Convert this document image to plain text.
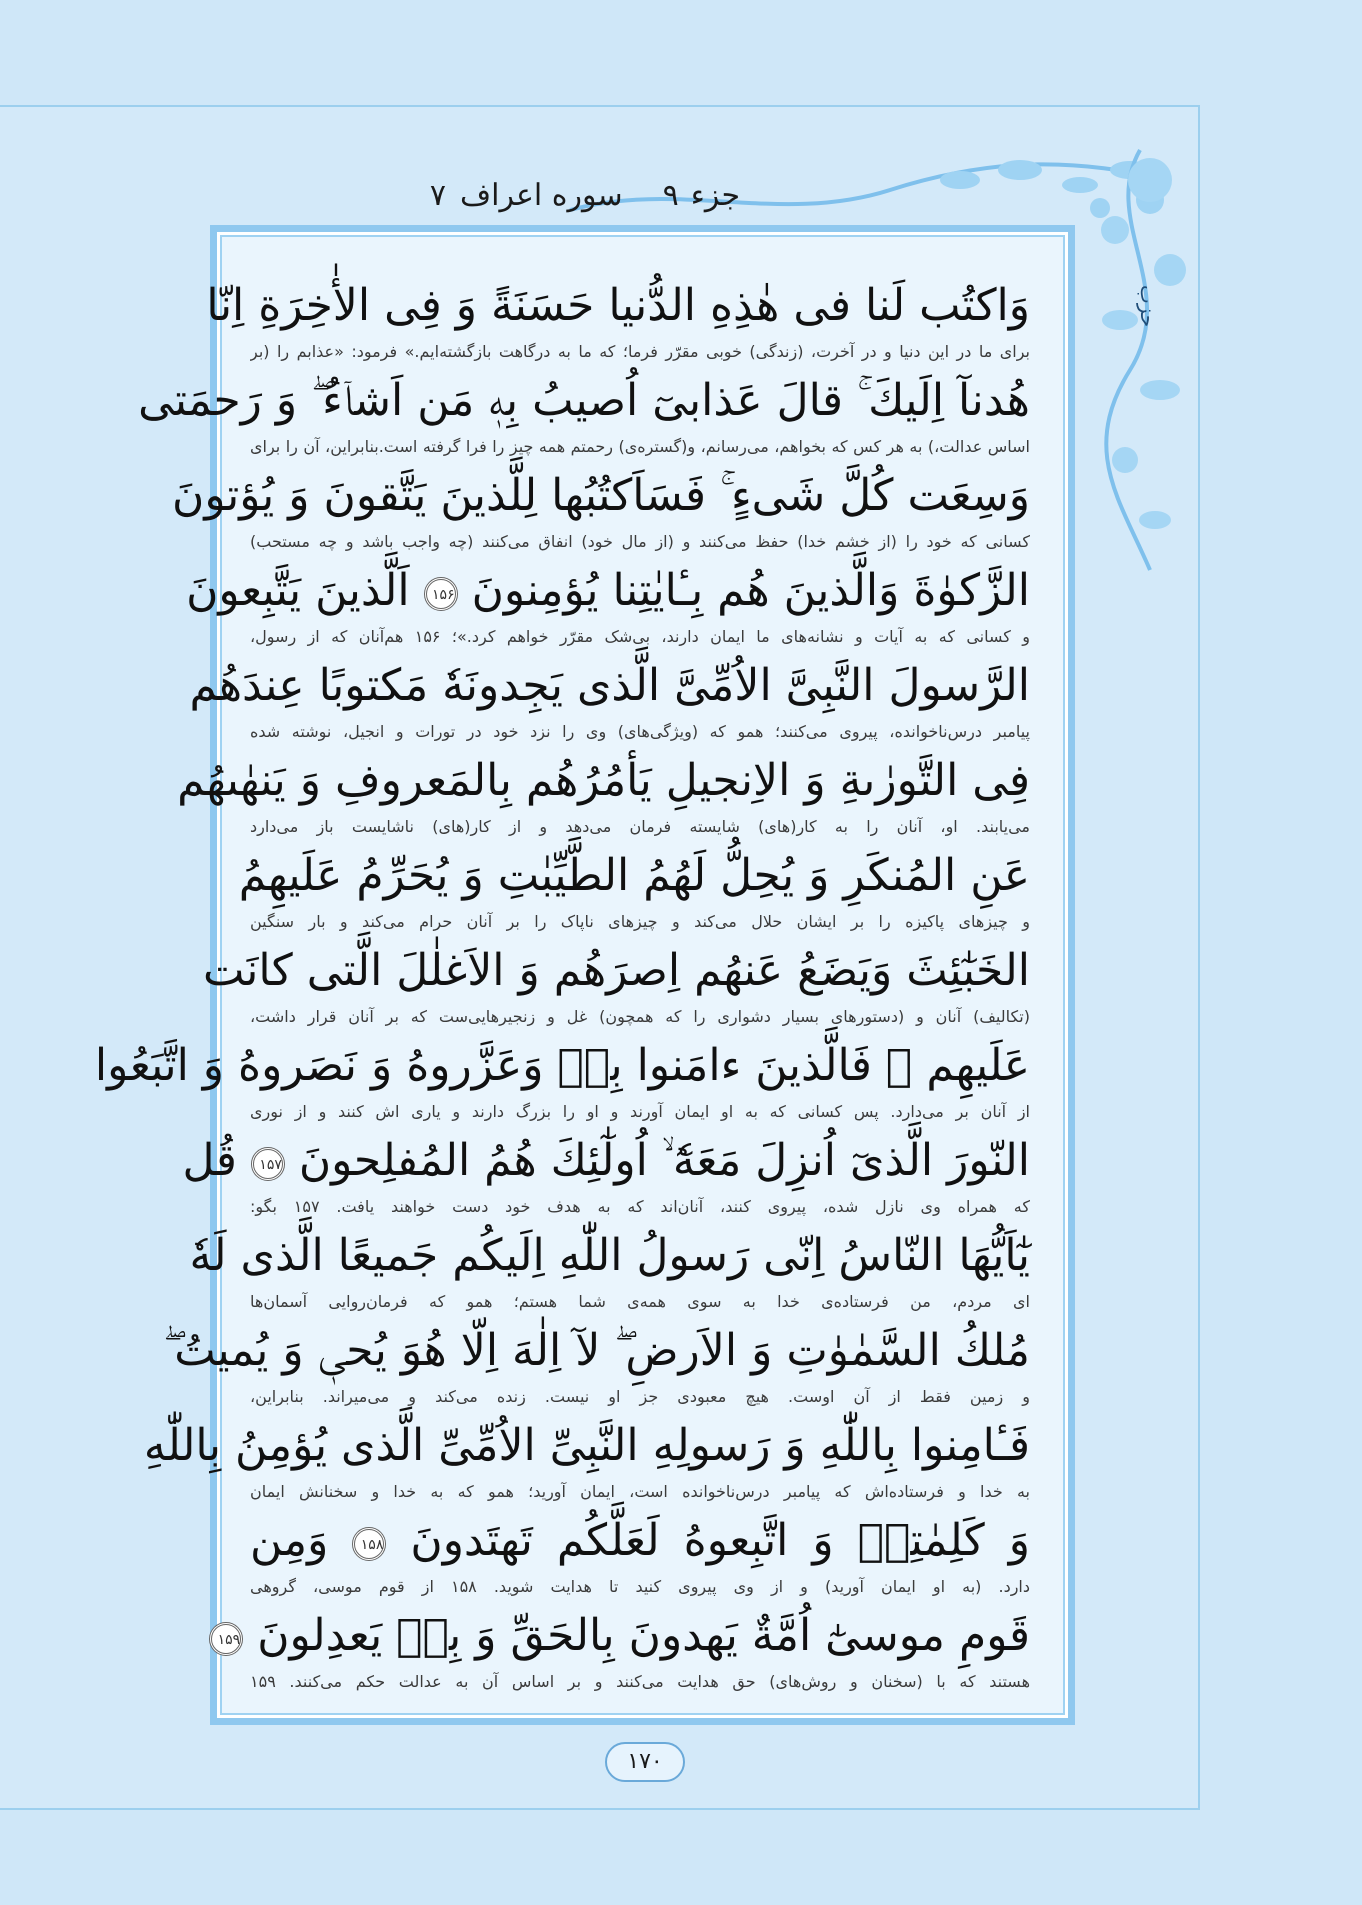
جزء
۹
سوره اعراف
۷
حزب
وَاكتُب لَنا فى هٰذِهِ الدُّنيا حَسَنَةً وَ فِى الأٰخِرَةِ اِنّا
برای ما در این دنیا و در آخرت، (زندگی) خوبی مقرّر فرما؛ که ما به درگاهت بازگشته‌ایم.» فرمود: «عذابم را (بر
هُدنآ اِلَيكَ ۚ قالَ عَذابىٓ اُصيبُ بِهٖ مَن اَشاۤءُ ۖ وَ رَحمَتى
اساس عدالت،) به هر کس که بخواهم، می‌رسانم، و(گستره‌ی) رحمتم همه چیز را فرا گرفته است.بنابراین، آن را برای
وَسِعَت كُلَّ شَىءٍ ۚ فَسَاَكتُبُها لِلَّذينَ يَتَّقونَ وَ يُؤتونَ
کسانی که خود را (از خشم خدا) حفظ می‌کنند و (از مال خود) انفاق می‌کنند (چه واجب باشد و چه مستحب)
الزَّكوٰةَ وَالَّذينَ هُم بِـٔايٰتِنا يُؤمِنونَ ۱۵۶ اَلَّذينَ يَتَّبِعونَ
و کسانی که به آیات و نشانه‌های ما ایمان دارند، بی‌شک مقرّر خواهم کرد.»؛ ۱۵۶ هم‌آنان که از رسول،
الرَّسولَ النَّبِىَّ الاُمِّىَّ الَّذى يَجِدونَهٗ مَكتوبًا عِندَهُم
پیامبر درس‌ناخوانده، پیروی می‌کنند؛ همو که (ویژگی‌های) وی را نزد خود در تورات و انجیل، نوشته شده
فِى التَّورٰىةِ وَ الاِنجيلِ يَأمُرُهُم بِالمَعروفِ وَ يَنهٰىهُم
می‌یابند. او، آنان را به کار(های) شایسته فرمان می‌دهد و از کار(های) ناشایست باز می‌دارد
عَنِ المُنكَرِ وَ يُحِلُّ لَهُمُ الطَّيِّبٰتِ وَ يُحَرِّمُ عَلَيهِمُ
و چیزهای پاکیزه را بر ایشان حلال می‌کند و چیزهای ناپاک را بر آنان حرام می‌کند و بار سنگین
الخَبٰٓئِثَ وَيَضَعُ عَنهُم اِصرَهُم وَ الاَغلٰلَ الَّتى كانَت
(تکالیف) آنان و (دستورهای بسیار دشواری را که همچون) غل و زنجیرهایی‌ست که بر آنان قرار داشت،
عَلَيهِم ۚ فَالَّذينَ ءامَنوا بِهٖ وَعَزَّروهُ وَ نَصَروهُ وَ اتَّبَعُوا
از آنان بر می‌دارد. پس کسانی که به او ایمان آورند و او را بزرگ دارند و یاری اش کنند و از نوری
النّورَ الَّذىٓ اُنزِلَ مَعَهٗٓ ۙ اُولٰٓئِكَ هُمُ المُفلِحونَ ۱۵۷ قُل
که همراه وی نازل شده، پیروی کنند، آنان‌اند که به هدف خود دست خواهند یافت. ۱۵۷ بگو:
يٰٓاَيُّهَا النّاسُ اِنّى رَسولُ اللّٰهِ اِلَيكُم جَميعًا الَّذى لَهٗ
ای مردم، من فرستاده‌ی خدا به سوی همه‌ی شما هستم؛ همو که فرمان‌روایی آسمان‌ها
مُلكُ السَّمٰوٰتِ وَ الاَرضِ ۖ لآ اِلٰهَ اِلّا هُوَ يُحىٖ وَ يُميتُ ۖ
و زمین فقط از آن اوست. هیچ معبودی جز او نیست. زنده می‌کند و می‌میراند. بنابراین،
فَـٔامِنوا بِاللّٰهِ وَ رَسولِهِ النَّبِىِّ الاُمِّىِّ الَّذى يُؤمِنُ بِاللّٰهِ
به خدا و فرستاده‌اش که پیامبر درس‌ناخوانده است، ایمان آورید؛ همو که به خدا و سخنانش ایمان
وَ كَلِمٰتِهٖ وَ اتَّبِعوهُ لَعَلَّكُم تَهتَدونَ ۱۵۸ وَمِن
دارد. (به او ایمان آورید) و از وی پیروی کنید تا هدایت شوید. ۱۵۸ از قوم موسی، گروهی
قَومِ موسىٰٓ اُمَّةٌ يَهدونَ بِالحَقِّ وَ بِهٖ يَعدِلونَ ۱۵۹
هستند که با (سخنان و روش‌های) حق هدایت می‌کنند و بر اساس آن به عدالت حکم می‌کنند. ۱۵۹
۱۷۰
